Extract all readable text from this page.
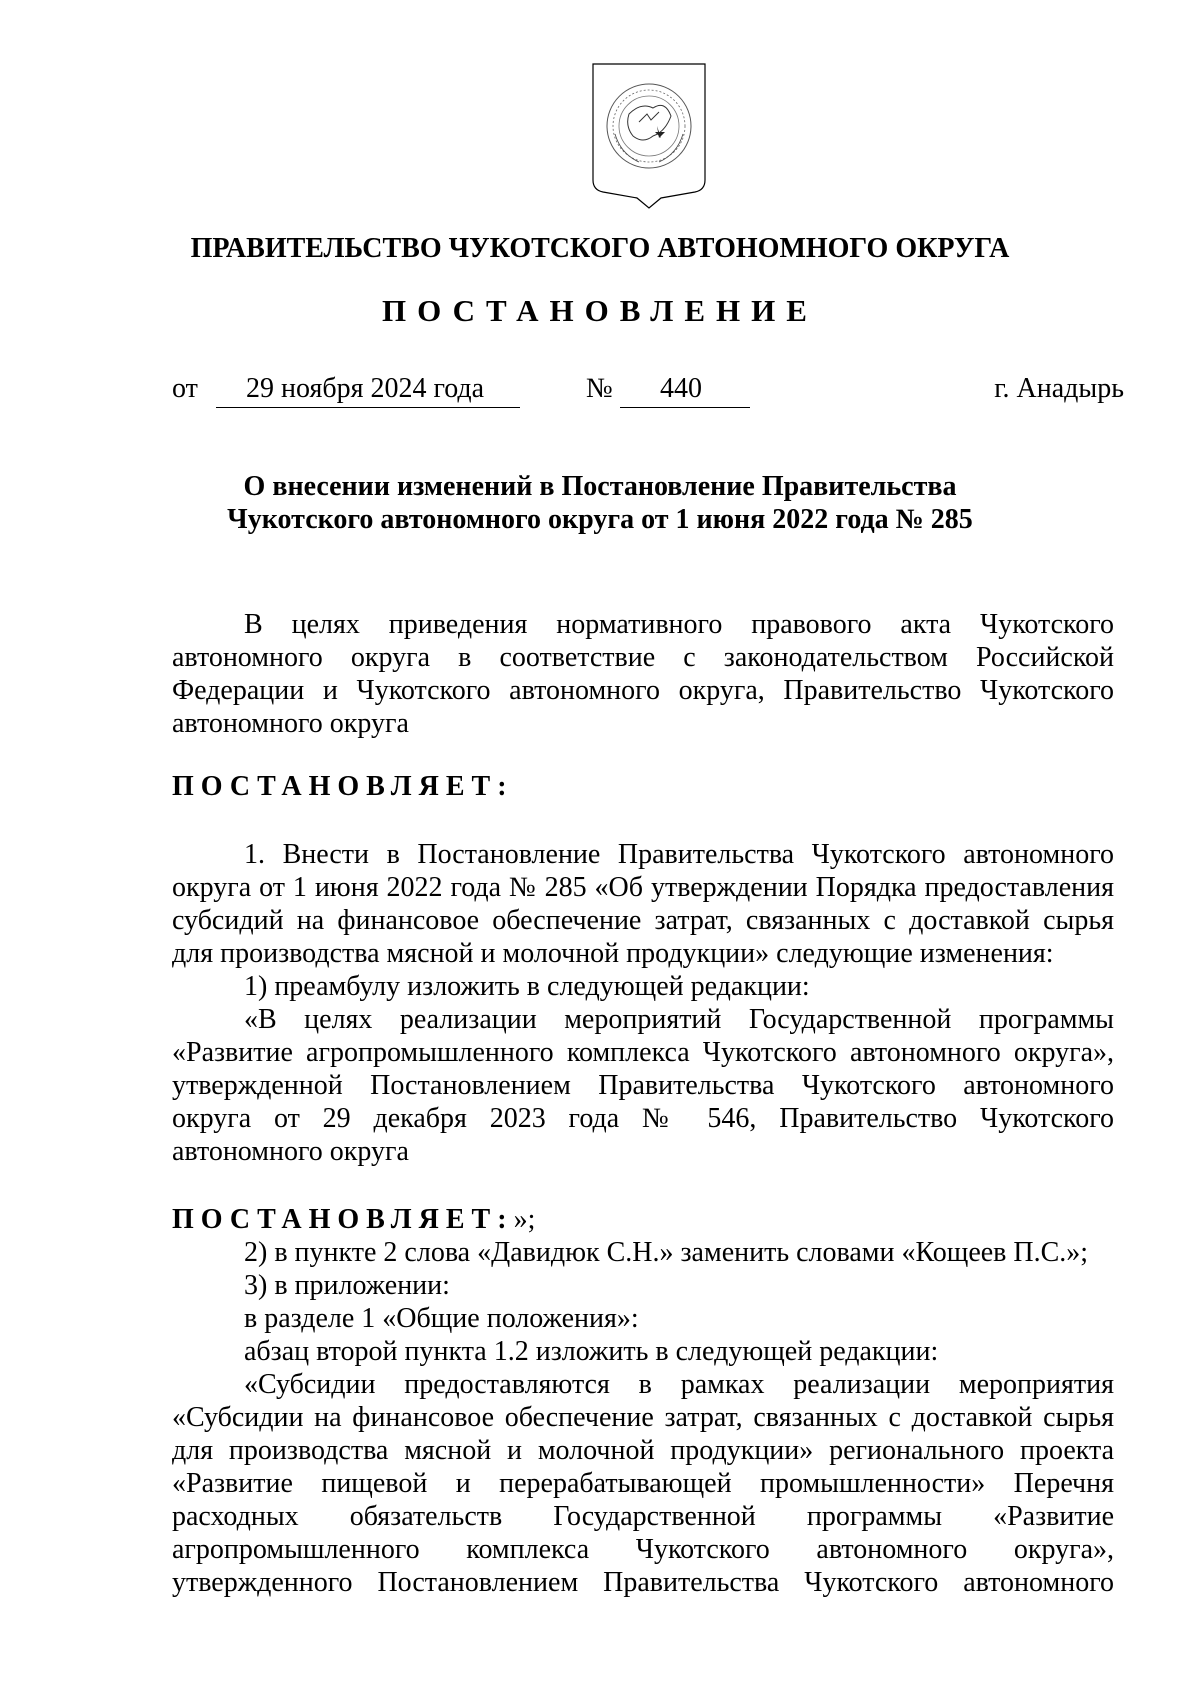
ПРАВИТЕЛЬСТВО ЧУКОТСКОГО АВТОНОМНОГО ОКРУГА
ПОСТАНОВЛЕНИЕ
от 29 ноября 2024 года	№ 440	г. Анадырь
О внесении изменений в Постановление Правительства
Чукотского автономного округа от 1 июня 2022 года № 285
В целях приведения нормативного правового акта Чукотского
автономного округа в соответствие с законодательством Российской
Федерации и Чукотского автономного округа, Правительство Чукотского
автономного округа
ПОСТАНОВЛЯЕТ:
1. Внести в Постановление Правительства Чукотского автономного
округа от 1 июня 2022 года № 285 «Об утверждении Порядка предоставления
субсидий на финансовое обеспечение затрат, связанных с доставкой сырья
для производства мясной и молочной продукции» следующие изменения:
1) преамбулу изложить в следующей редакции:
«В целях реализации мероприятий Государственной программы
«Развитие агропромышленного комплекса Чукотского автономного округа»,
утвержденной Постановлением Правительства Чукотского автономного
округа от 29 декабря 2023 года № 546, Правительство Чукотского
автономного округа
ПОСТАНОВЛЯЕТ:»;
2) в пункте 2 слова «Давидюк С.Н.» заменить словами «Кощеев П.С.»;
3) в приложении:
в разделе 1 «Общие положения»:
абзац второй пункта 1.2 изложить в следующей редакции:
«Субсидии предоставляются в рамках реализации мероприятия
«Субсидии на финансовое обеспечение затрат, связанных с доставкой сырья
для производства мясной и молочной продукции» регионального проекта
«Развитие пищевой и перерабатывающей промышленности» Перечня
расходных обязательств Государственной программы «Развитие
агропромышленного комплекса Чукотского автономного округа»,
утвержденного Постановлением Правительства Чукотского автономного
